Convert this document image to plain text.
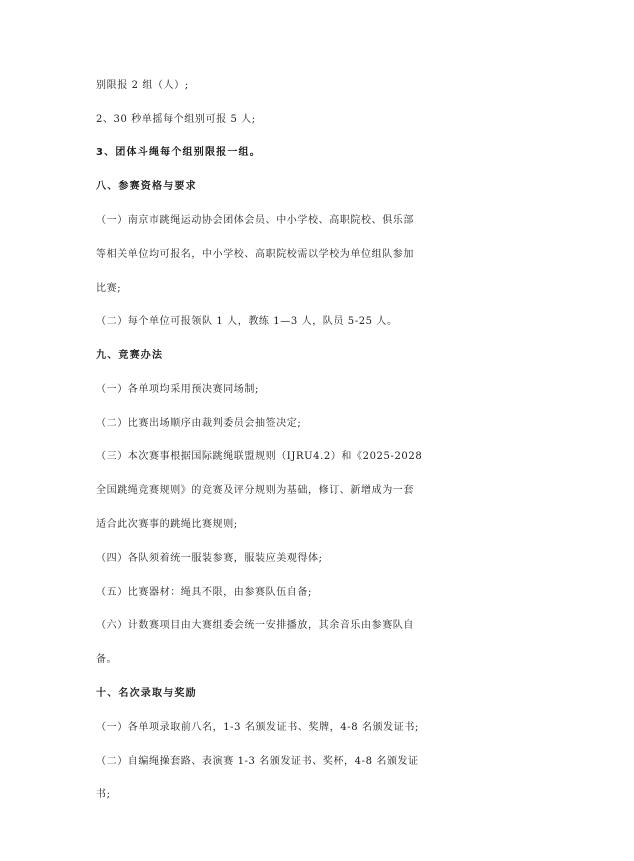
别限报 2 组（人）;
2、30 秒单摇每个组别可报 5 人;
3、团体斗绳每个组别限报一组。
八、参赛资格与要求
（一）南京市跳绳运动协会团体会员、中小学校、高职院校、俱乐部
等相关单位均可报名，中小学校、高职院校需以学校为单位组队参加
比赛;
（二）每个单位可报领队 1 人，教练 1—3 人，队员 5-25 人。
九、竞赛办法
（一）各单项均采用预决赛同场制;
（二）比赛出场顺序由裁判委员会抽签决定;
（三）本次赛事根据国际跳绳联盟规则（IJRU4.2）和《2025-2028
全国跳绳竞赛规则》的竞赛及评分规则为基础，修订、新增成为一套
适合此次赛事的跳绳比赛规则;
（四）各队须着统一服装参赛，服装应美观得体;
（五）比赛器材：绳具不限，由参赛队伍自备;
（六）计数赛项目由大赛组委会统一安排播放，其余音乐由参赛队自
备。
十、名次录取与奖励
（一）各单项录取前八名，1-3 名颁发证书、奖牌，4-8 名颁发证书;
（二）自编绳操套路、表演赛 1-3 名颁发证书、奖杯，4-8 名颁发证
书;
